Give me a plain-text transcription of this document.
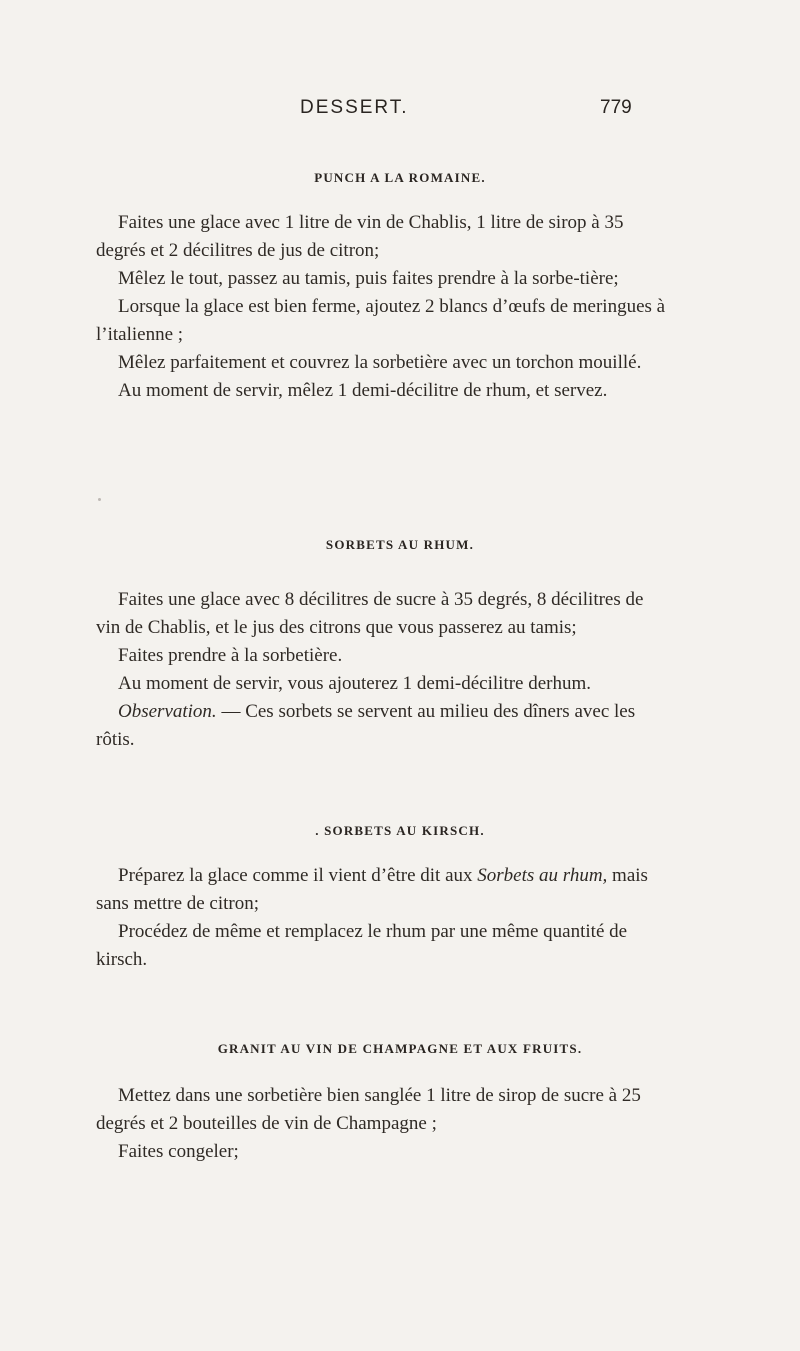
DESSERT.	779
PUNCH A LA ROMAINE.

Faites une glace avec 1 litre de vin de Chablis, 1 litre de sirop à 35 degrés et 2 décilitres de jus de citron;

Mêlez le tout, passez au tamis, puis faites prendre à la sorbe-tière;

Lorsque la glace est bien ferme, ajoutez 2 blancs d’œufs de meringues à l’italienne ;

Mêlez parfaitement et couvrez la sorbetière avec un torchon mouillé.

Au moment de servir, mêlez 1 demi-décilitre de rhum, et servez.

SORBETS AU RHUM.

Faites une glace avec 8 décilitres de sucre à 35 degrés, 8 décilitres de vin de Chablis, et le jus des citrons que vous passerez au tamis;

Faites prendre à la sorbetière.

Au moment de servir, vous ajouterez 1 demi-décilitre derhum.

Observation. — Ces sorbets se servent au milieu des dîners avec les rôtis.

. SORBETS AU KIRSCH.

Préparez la glace comme il vient d’être dit aux Sorbets au rhum, mais sans mettre de citron;

Procédez de même et remplacez le rhum par une même quantité de kirsch.

GRANIT AU VIN DE CHAMPAGNE ET AUX FRUITS.

Mettez dans une sorbetière bien sanglée 1 litre de sirop de sucre à 25 degrés et 2 bouteilles de vin de Champagne ;

Faites congeler;
